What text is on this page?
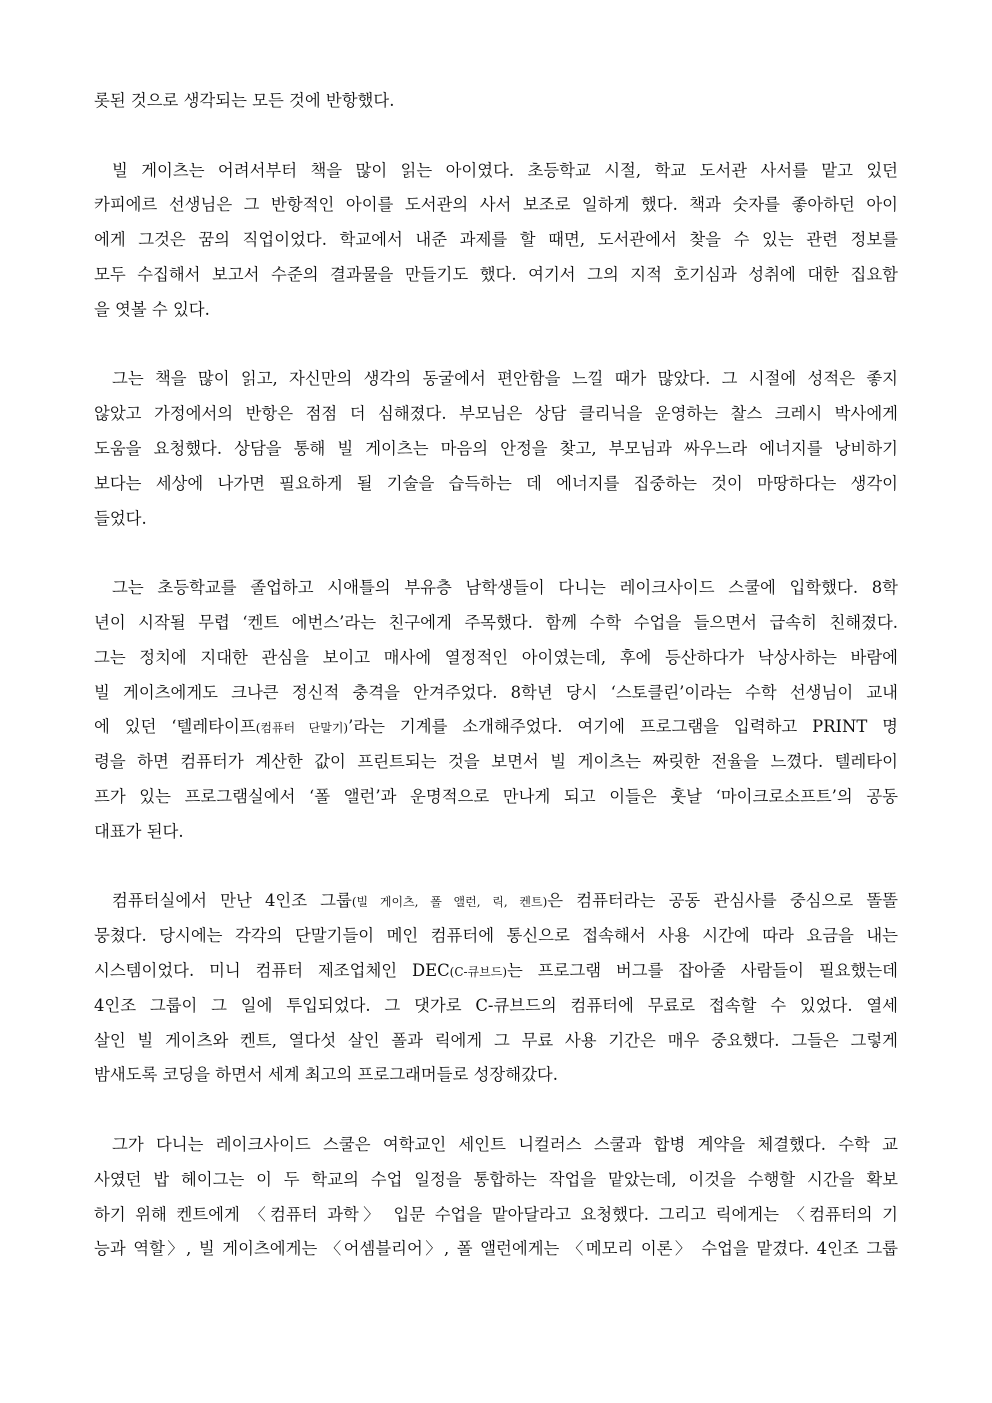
롯된 것으로 생각되는 모든 것에 반항했다.
빌 게이츠는 어려서부터 책을 많이 읽는 아이였다. 초등학교 시절, 학교 도서관 사서를 맡고 있던
카피에르 선생님은 그 반항적인 아이를 도서관의 사서 보조로 일하게 했다. 책과 숫자를 좋아하던 아이
에게 그것은 꿈의 직업이었다. 학교에서 내준 과제를 할 때면, 도서관에서 찾을 수 있는 관련 정보를
모두 수집해서 보고서 수준의 결과물을 만들기도 했다. 여기서 그의 지적 호기심과 성취에 대한 집요함
을 엿볼 수 있다.
그는 책을 많이 읽고, 자신만의 생각의 동굴에서 편안함을 느낄 때가 많았다. 그 시절에 성적은 좋지
않았고 가정에서의 반항은 점점 더 심해졌다. 부모님은 상담 클리닉을 운영하는 찰스 크레시 박사에게
도움을 요청했다. 상담을 통해 빌 게이츠는 마음의 안정을 찾고, 부모님과 싸우느라 에너지를 낭비하기
보다는 세상에 나가면 필요하게 될 기술을 습득하는 데 에너지를 집중하는 것이 마땅하다는 생각이
들었다.
그는 초등학교를 졸업하고 시애틀의 부유층 남학생들이 다니는 레이크사이드 스쿨에 입학했다. 8학
년이 시작될 무렵 ‘켄트 에번스’라는 친구에게 주목했다. 함께 수학 수업을 들으면서 급속히 친해졌다.
그는 정치에 지대한 관심을 보이고 매사에 열정적인 아이였는데, 후에 등산하다가 낙상사하는 바람에
빌 게이츠에게도 크나큰 정신적 충격을 안겨주었다. 8학년 당시 ‘스토클린’이라는 수학 선생님이 교내
에 있던 ‘텔레타이프(컴퓨터 단말기)’라는 기계를 소개해주었다. 여기에 프로그램을 입력하고 PRINT 명
령을 하면 컴퓨터가 계산한 값이 프린트되는 것을 보면서 빌 게이츠는 짜릿한 전율을 느꼈다. 텔레타이
프가 있는 프로그램실에서 ‘폴 앨런’과 운명적으로 만나게 되고 이들은 훗날 ‘마이크로소프트’의 공동
대표가 된다.
컴퓨터실에서 만난 4인조 그룹(빌 게이츠, 폴 앨런, 릭, 켄트)은 컴퓨터라는 공동 관심사를 중심으로 똘똘
뭉쳤다. 당시에는 각각의 단말기들이 메인 컴퓨터에 통신으로 접속해서 사용 시간에 따라 요금을 내는
시스템이었다. 미니 컴퓨터 제조업체인 DEC(C-큐브드)는 프로그램 버그를 잡아줄 사람들이 필요했는데
4인조 그룹이 그 일에 투입되었다. 그 댓가로 C-큐브드의 컴퓨터에 무료로 접속할 수 있었다. 열세
살인 빌 게이츠와 켄트, 열다섯 살인 폴과 릭에게 그 무료 사용 기간은 매우 중요했다. 그들은 그렇게
밤새도록 코딩을 하면서 세계 최고의 프로그래머들로 성장해갔다.
그가 다니는 레이크사이드 스쿨은 여학교인 세인트 니컬러스 스쿨과 합병 계약을 체결했다. 수학 교
사였던 밥 헤이그는 이 두 학교의 수업 일정을 통합하는 작업을 맡았는데, 이것을 수행할 시간을 확보
하기 위해 켄트에게 〈컴퓨터 과학〉 입문 수업을 맡아달라고 요청했다. 그리고 릭에게는 〈컴퓨터의 기
능과 역할〉, 빌 게이츠에게는 〈어셈블리어〉, 폴 앨런에게는 〈메모리 이론〉 수업을 맡겼다. 4인조 그룹
